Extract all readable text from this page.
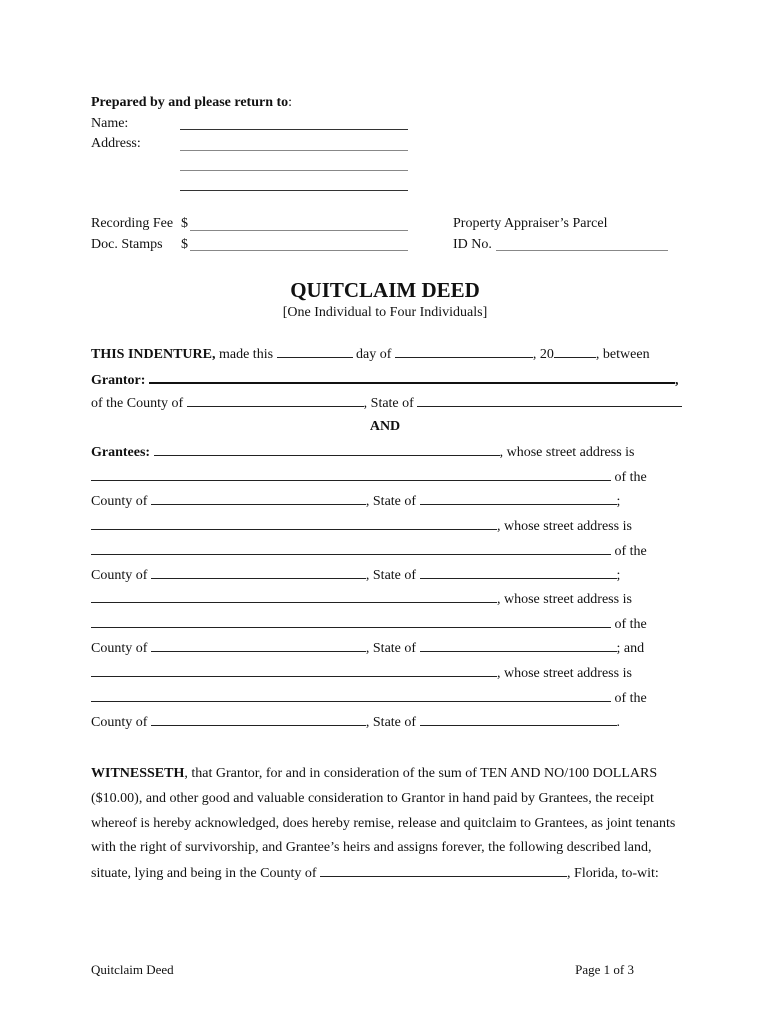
Prepared by and please return to:
Name:
Address:
Recording Fee $
Doc. Stamps $
Property Appraiser’s Parcel
ID No.
QUITCLAIM DEED
[One Individual to Four Individuals]
THIS INDENTURE, made this	day of	, 20	, between
Grantor:	,
of the County of	, State of
AND
Grantees:	, whose street address is
of the
County of	, State of	;
, whose street address is
of the
County of	, State of	;
, whose street address is
of the
County of	, State of	; and
, whose street address is
of the
County of	, State of	.
WITNESSETH, that Grantor, for and in consideration of the sum of TEN AND NO/100 DOLLARS
($10.00), and other good and valuable consideration to Grantor in hand paid by Grantees, the receipt
whereof is hereby acknowledged, does hereby remise, release and quitclaim to Grantees, as joint tenants
with the right of survivorship, and Grantee’s heirs and assigns forever, the following described land,
situate, lying and being in the County of	, Florida, to-wit:
Quitclaim Deed	Page 1 of 3
